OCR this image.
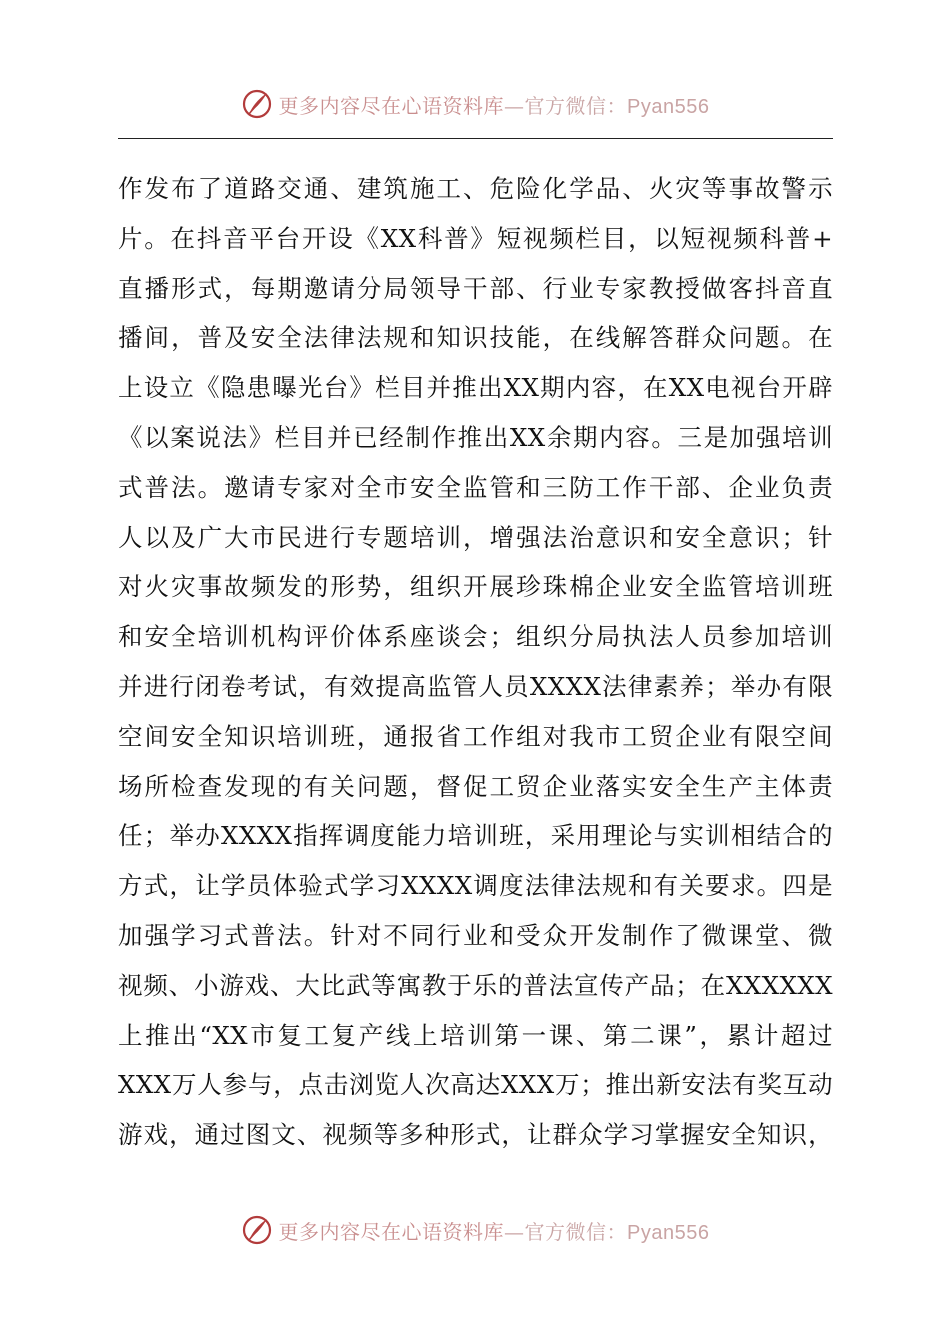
更多内容尽在心语资料库—官方微信：Pyan556
作发布了道路交通、建筑施工、危险化学品、火灾等事故警示
片。在抖音平台开设《XX科普》短视频栏目，以短视频科普+
直播形式，每期邀请分局领导干部、行业专家教授做客抖音直
播间，普及安全法律法规和知识技能，在线解答群众问题。在
上设立《隐患曝光台》栏目并推出XX期内容，在XX电视台开辟
《以案说法》栏目并已经制作推出XX余期内容。三是加强培训
式普法。邀请专家对全市安全监管和三防工作干部、企业负责
人以及广大市民进行专题培训，增强法治意识和安全意识；针
对火灾事故频发的形势，组织开展珍珠棉企业安全监管培训班
和安全培训机构评价体系座谈会；组织分局执法人员参加培训
并进行闭卷考试，有效提高监管人员XXXX法律素养；举办有限
空间安全知识培训班，通报省工作组对我市工贸企业有限空间
场所检查发现的有关问题，督促工贸企业落实安全生产主体责
任；举办XXXX指挥调度能力培训班，采用理论与实训相结合的
方式，让学员体验式学习XXXX调度法律法规和有关要求。四是
加强学习式普法。针对不同行业和受众开发制作了微课堂、微
视频、小游戏、大比武等寓教于乐的普法宣传产品；在XXXXXX
上推出“XX市复工复产线上培训第一课、第二课”，累计超过
XXX万人参与，点击浏览人次高达XXX万；推出新安法有奖互动
游戏，通过图文、视频等多种形式，让群众学习掌握安全知识，
更多内容尽在心语资料库—官方微信：Pyan556
